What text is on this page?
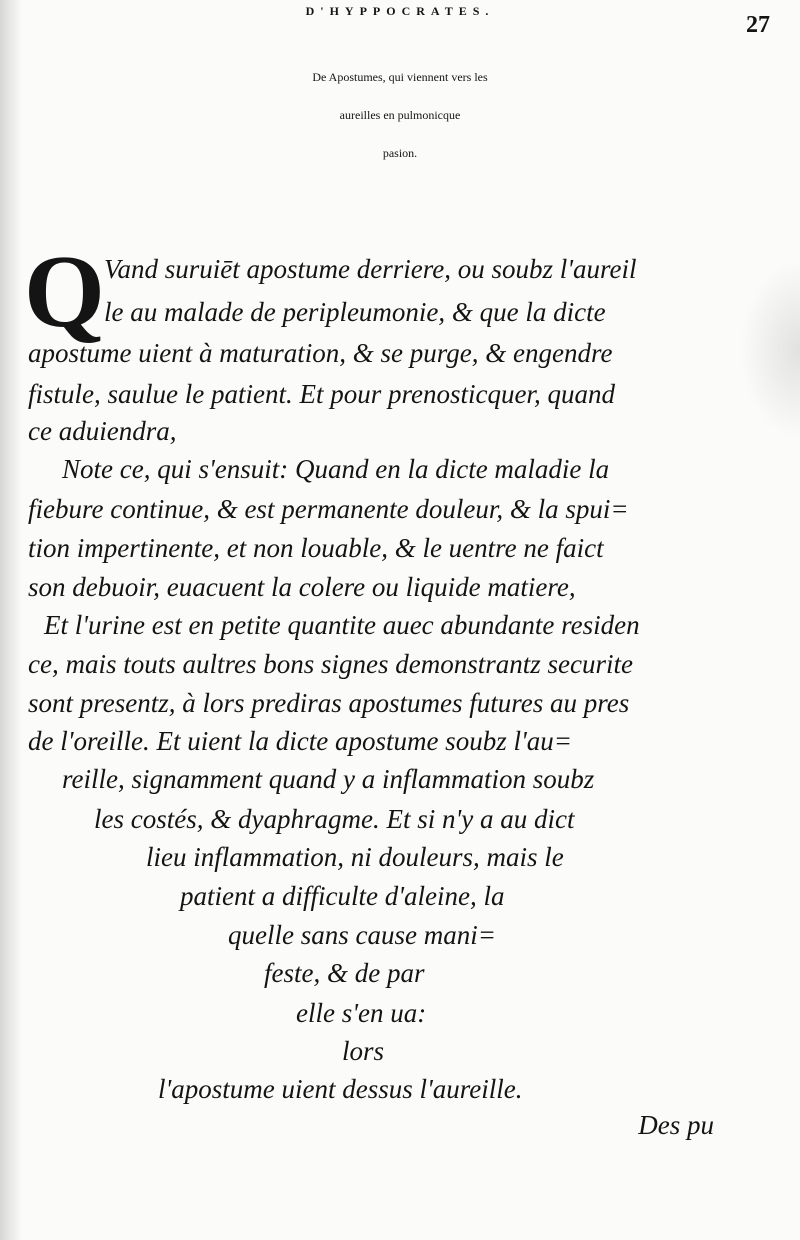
D'HYPPOCRATES.
27
De Apostumes, qui viennent vers les
aureilles en pulmonicque
pasion.
Q Vand suruiēt apostume derriere, ou soubz l'aureil
le au malade de peripleumonie, & que la dicte
apostume uient à maturation, & se purge, & engendre
fistule, saulue le patient. Et pour prenosticquer, quand
ce aduiendra,
Note ce, qui s'ensuit: Quand en la dicte maladie la
fiebure continue, & est permanente douleur, & la spui=
tion impertinente, et non louable, & le uentre ne faict
son debuoir, euacuent la colere ou liquide matiere,
Et l'urine est en petite quantite auec abundante residen
ce, mais touts aultres bons signes demonstrantz securite
sont presentz, à lors prediras apostumes futures au pres
de l'oreille. Et uient la dicte apostume soubz l'au=
reille, signamment quand y a inflammation soubz
les costés, & dyaphragme. Et si n'y a au dict
lieu inflammation, ni douleurs, mais le
patient a difficulte d'aleine, la
quelle sans cause mani=
feste, & de par
elle s'en ua:
lors
l'apostume uient dessus l'aureille.
Des pu
